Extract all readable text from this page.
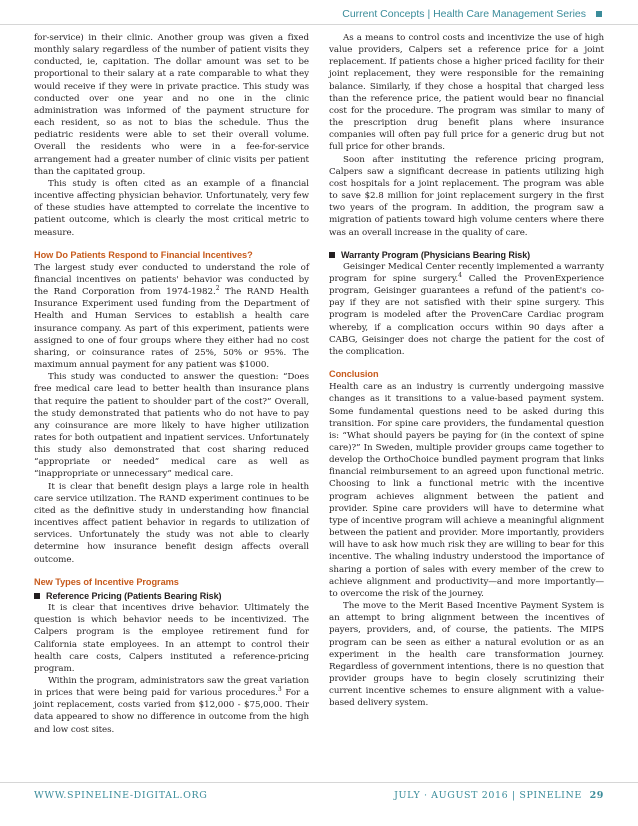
Current Concepts | Health Care Management Series

for-service) in their clinic. Another group was given a fixed monthly salary regardless of the number of patient visits they conducted, ie, capitation. The dollar amount was set to be proportional to their salary at a rate comparable to what they would receive if they were in private practice. This study was conducted over one year and no one in the clinic administration was informed of the payment structure for each resident, so as not to bias the schedule. Thus the pediatric residents were able to set their overall volume. Overall the residents who were in a fee-for-service arrangement had a greater number of clinic visits per patient than the capitated group.

This study is often cited as an example of a financial incentive affecting physician behavior. Unfortunately, very few of these studies have attempted to correlate the incentive to patient outcome, which is clearly the most critical metric to measure.

How Do Patients Respond to Financial Incentives?

The largest study ever conducted to understand the role of financial incentives on patients' behavior was conducted by the Rand Corporation from 1974-1982.$^2$ The RAND Health Insurance Experiment used funding from the Department of Health and Human Services to establish a health care insurance company. As part of this experiment, patients were assigned to one of four groups where they either had no cost sharing, or coinsurance rates of 25%, 50% or 95%. The maximum annual payment for any patient was $1000.

This study was conducted to answer the question: “Does free medical care lead to better health than insurance plans that require the patient to shoulder part of the cost?” Overall, the study demonstrated that patients who do not have to pay any coinsurance are more likely to have higher utilization rates for both outpatient and inpatient services. Unfortunately this study also demonstrated that cost sharing reduced “appropriate or needed” medical care as well as “inappropriate or unnecessary” medical care.

It is clear that benefit design plays a large role in health care service utilization. The RAND experiment continues to be cited as the definitive study in understanding how financial incentives affect patient behavior in regards to utilization of services. Unfortunately the study was not able to clearly determine how insurance benefit design affects overall outcome.

New Types of Incentive Programs
Reference Pricing (Patients Bearing Risk)

It is clear that incentives drive behavior. Ultimately the question is which behavior needs to be incentivized. The Calpers program is the employee retirement fund for California state employees. In an attempt to control their health care costs, Calpers instituted a reference-pricing program.

Within the program, administrators saw the great variation in prices that were being paid for various procedures.$^3$ For a joint replacement, costs varied from $12,000 - $75,000. Their data appeared to show no difference in outcome from the high and low cost sites.

As a means to control costs and incentivize the use of high value providers, Calpers set a reference price for a joint replacement. If patients chose a higher priced facility for their joint replacement, they were responsible for the remaining balance. Similarly, if they chose a hospital that charged less than the reference price, the patient would bear no financial cost for the procedure. The program was similar to many of the prescription drug benefit plans where insurance companies will often pay full price for a generic drug but not full price for other brands.

Soon after instituting the reference pricing program, Calpers saw a significant decrease in patients utilizing high cost hospitals for a joint replacement. The program was able to save $2.8 million for joint replacement surgery in the first two years of the program. In addition, the program saw a migration of patients toward high volume centers where there was an overall increase in the quality of care.

Warranty Program (Physicians Bearing Risk)

Geisinger Medical Center recently implemented a warranty program for spine surgery.$^4$ Called the ProvenExperience program, Geisinger guarantees a refund of the patient's co-pay if they are not satisfied with their spine surgery. This program is modeled after the ProvenCare Cardiac program whereby, if a complication occurs within 90 days after a CABG, Geisinger does not charge the patient for the cost of the complication.

Conclusion

Health care as an industry is currently undergoing massive changes as it transitions to a value-based payment system. Some fundamental questions need to be asked during this transition. For spine care providers, the fundamental question is: “What should payers be paying for (in the context of spine care)?” In Sweden, multiple provider groups came together to develop the OrthoChoice bundled payment program that links financial reimbursement to an agreed upon functional metric. Choosing to link a functional metric with the incentive program achieves alignment between the patient and provider. Spine care providers will have to determine what type of incentive program will achieve a meaningful alignment between the patient and provider. More importantly, providers will have to ask how much risk they are willing to bear for this incentive. The whaling industry understood the importance of sharing a portion of sales with every member of the crew to achieve alignment and productivity—and more importantly—to overcome the risk of the journey.

The move to the Merit Based Incentive Payment System is an attempt to bring alignment between the incentives of payers, providers, and, of course, the patients. The MIPS program can be seen as either a natural evolution or as an experiment in the health care transformation journey. Regardless of government intentions, there is no question that provider groups have to begin closely scrutinizing their current incentive schemes to ensure alignment with a value-based delivery system.

WWW.SPINELINE-DIGITAL.ORG	JULY · AUGUST 2016 | SPINELINE 29
